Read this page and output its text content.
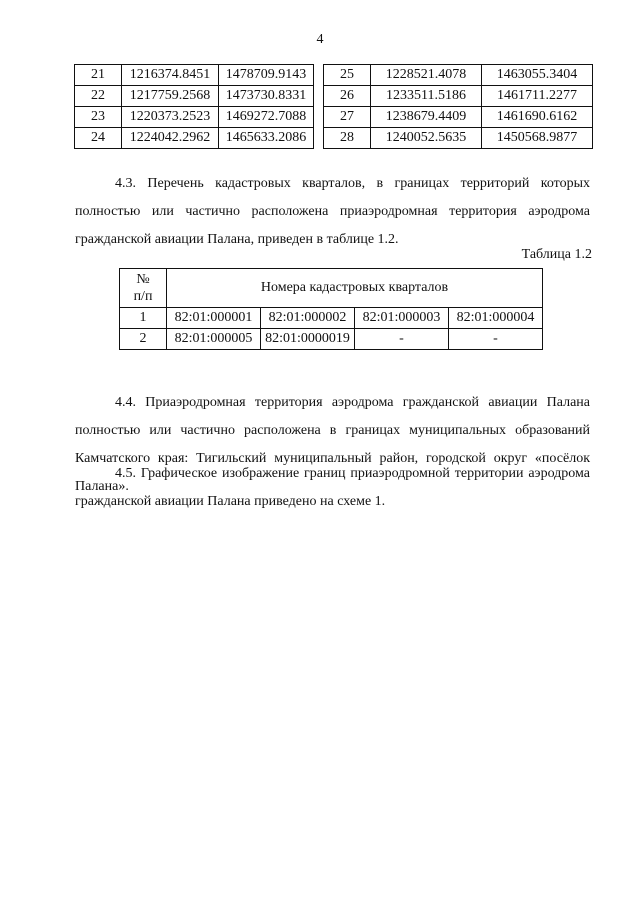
4
21	1216374.8451	1478709.9143
22	1217759.2568	1473730.8331
23	1220373.2523	1469272.7088
24	1224042.2962	1465633.2086
25	1228521.4078	1463055.3404
26	1233511.5186	1461711.2277
27	1238679.4409	1461690.6162
28	1240052.5635	1450568.9877

4.3. Перечень кадастровых кварталов, в границах территорий которых полностью или частично расположена приаэродромная территория аэродрома гражданской авиации Палана, приведен в таблице 1.2.

Таблица 1.2
№
п/п	Номера кадастровых кварталов			
1	82:01:000001	82:01:000002	82:01:000003	82:01:000004
2	82:01:000005	82:01:0000019	-	-

4.4. Приаэродромная территория аэродрома гражданской авиации Палана полностью или частично расположена в границах муниципальных образований Камчатского края: Тигильский муниципальный район, городской округ «посёлок Палана».

4.5. Графическое изображение границ приаэродромной территории аэродрома гражданской авиации Палана приведено на схеме 1.
